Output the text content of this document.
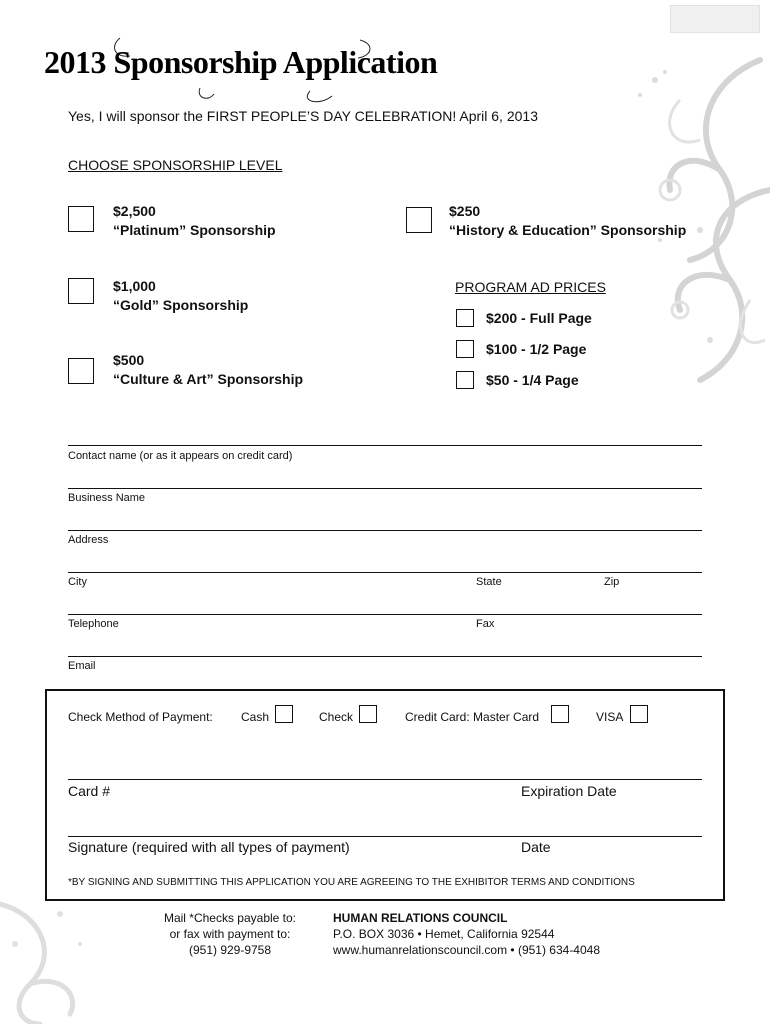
2013 Sponsorship Application
Yes, I will sponsor the FIRST PEOPLE’S DAY CELEBRATION! April 6, 2013
CHOOSE SPONSORSHIP LEVEL
$2,500
“Platinum” Sponsorship
$250
“History & Education” Sponsorship
$1,000
“Gold” Sponsorship
$500
“Culture & Art” Sponsorship
PROGRAM AD PRICES
$200 - Full Page
$100 - 1/2 Page
$50 - 1/4 Page
Contact name (or as it appears on credit card)
Business Name
Address
City	State	Zip
Telephone	Fax
Email
Check Method of Payment: Cash	Check	Credit Card: Master Card	VISA
Card #	Expiration Date
Signature (required with all types of payment)	Date
*BY SIGNING AND SUBMITTING THIS APPLICATION YOU ARE AGREEING TO THE EXHIBITOR TERMS AND CONDITIONS
Mail *Checks payable to:
or fax with payment to:
(951) 929-9758
HUMAN RELATIONS COUNCIL
P.O. BOX 3036 • Hemet, California 92544
www.humanrelationscouncil.com • (951) 634-4048
